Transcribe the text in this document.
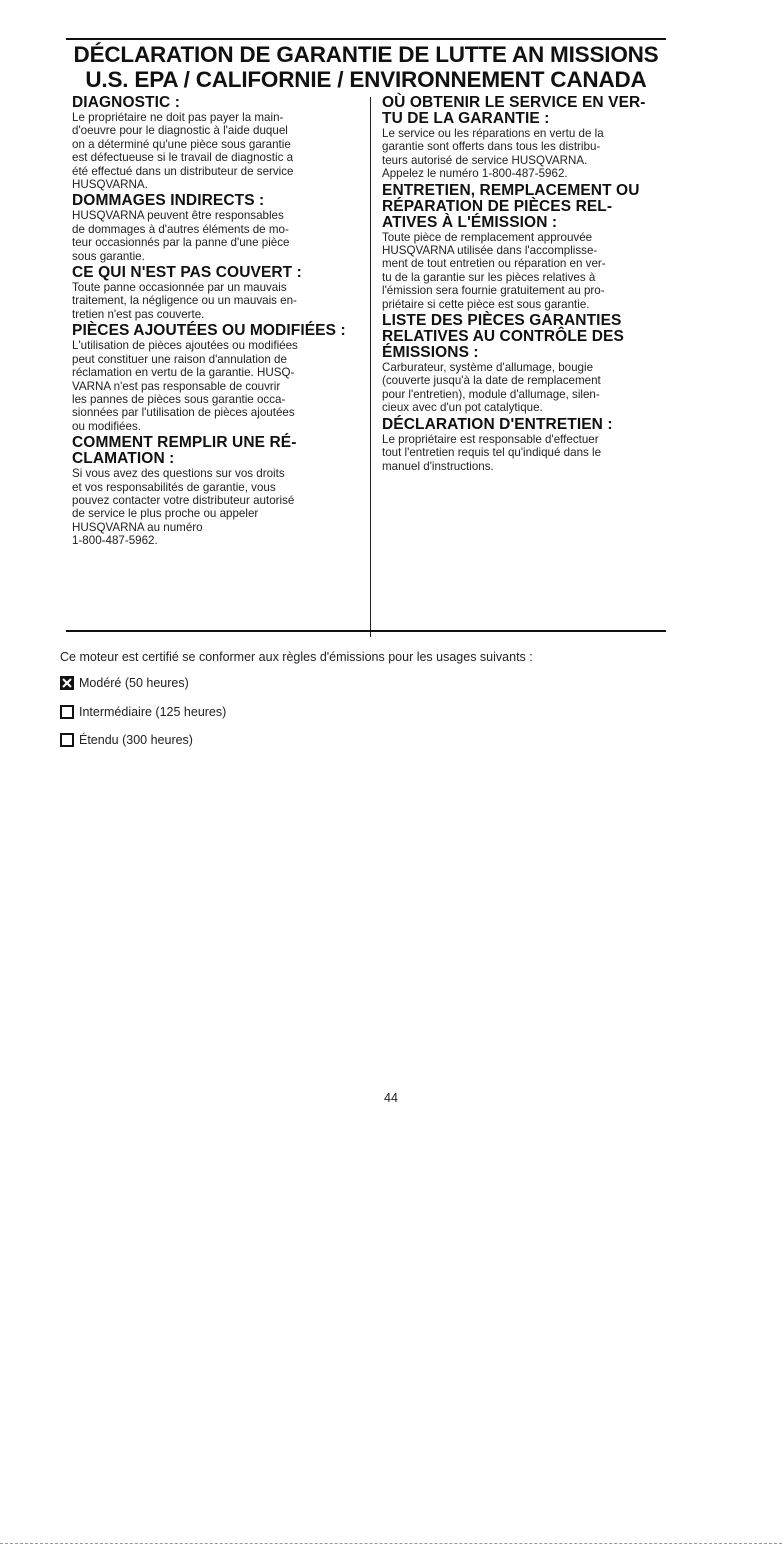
DÉCLARATION DE GARANTIE DE LUTTE AN MISSIONS
U.S. EPA / CALIFORNIE / ENVIRONNEMENT CANADA
DIAGNOSTIC :

Le propriétaire ne doit pas payer la main-
d'oeuvre pour le diagnostic à l'aide duquel
on a déterminé qu'une pièce sous garantie
est défectueuse si le travail de diagnostic a
été effectué dans un distributeur de service
HUSQVARNA.

DOMMAGES INDIRECTS :

HUSQVARNA peuvent être responsables
de dommages à d'autres éléments de mo-
teur occasionnés par la panne d'une pièce
sous garantie.

CE QUI N'EST PAS COUVERT :

Toute panne occasionnée par un mauvais
traitement, la négligence ou un mauvais en-
tretien n'est pas couverte.

PIÈCES AJOUTÉES OU MODIFIÉES :

L'utilisation de pièces ajoutées ou modifiées
peut constituer une raison d'annulation de
réclamation en vertu de la garantie. HUSQ-
VARNA n'est pas responsable de couvrir
les pannes de pièces sous garantie occa-
sionnées par l'utilisation de pièces ajoutées
ou modifiées.

COMMENT REMPLIR UNE RÉ-
CLAMATION :

Si vous avez des questions sur vos droits
et vos responsabilités de garantie, vous
pouvez contacter votre distributeur autorisé
de service le plus proche ou appeler
HUSQVARNA au numéro
1-800-487-5962.

OÙ OBTENIR LE SERVICE EN VER-
TU DE LA GARANTIE :

Le service ou les réparations en vertu de la
garantie sont offerts dans tous les distribu-
teurs autorisé de service HUSQVARNA.
Appelez le numéro 1-800-487-5962.

ENTRETIEN, REMPLACEMENT OU
RÉPARATION DE PIÈCES REL-
ATIVES À L'ÉMISSION :

Toute pièce de remplacement approuvée
HUSQVARNA utilisée dans l'accomplisse-
ment de tout entretien ou réparation en ver-
tu de la garantie sur les pièces relatives à
l'émission sera fournie gratuitement au pro-
priétaire si cette pièce est sous garantie.

LISTE DES PIÈCES GARANTIES
RELATIVES AU CONTRÔLE DES
ÉMISSIONS :

Carburateur, système d'allumage, bougie
(couverte jusqu'à la date de remplacement
pour l'entretien), module d'allumage, silen-
cieux avec d'un pot catalytique.

DÉCLARATION D'ENTRETIEN :

Le propriétaire est responsable d'effectuer
tout l'entretien requis tel qu'indiqué dans le
manuel d'instructions.

Ce moteur est certifié se conformer aux règles d'émissions pour les usages suivants :
Modéré (50 heures)
Intermédiaire (125 heures)
Étendu (300 heures)
44
